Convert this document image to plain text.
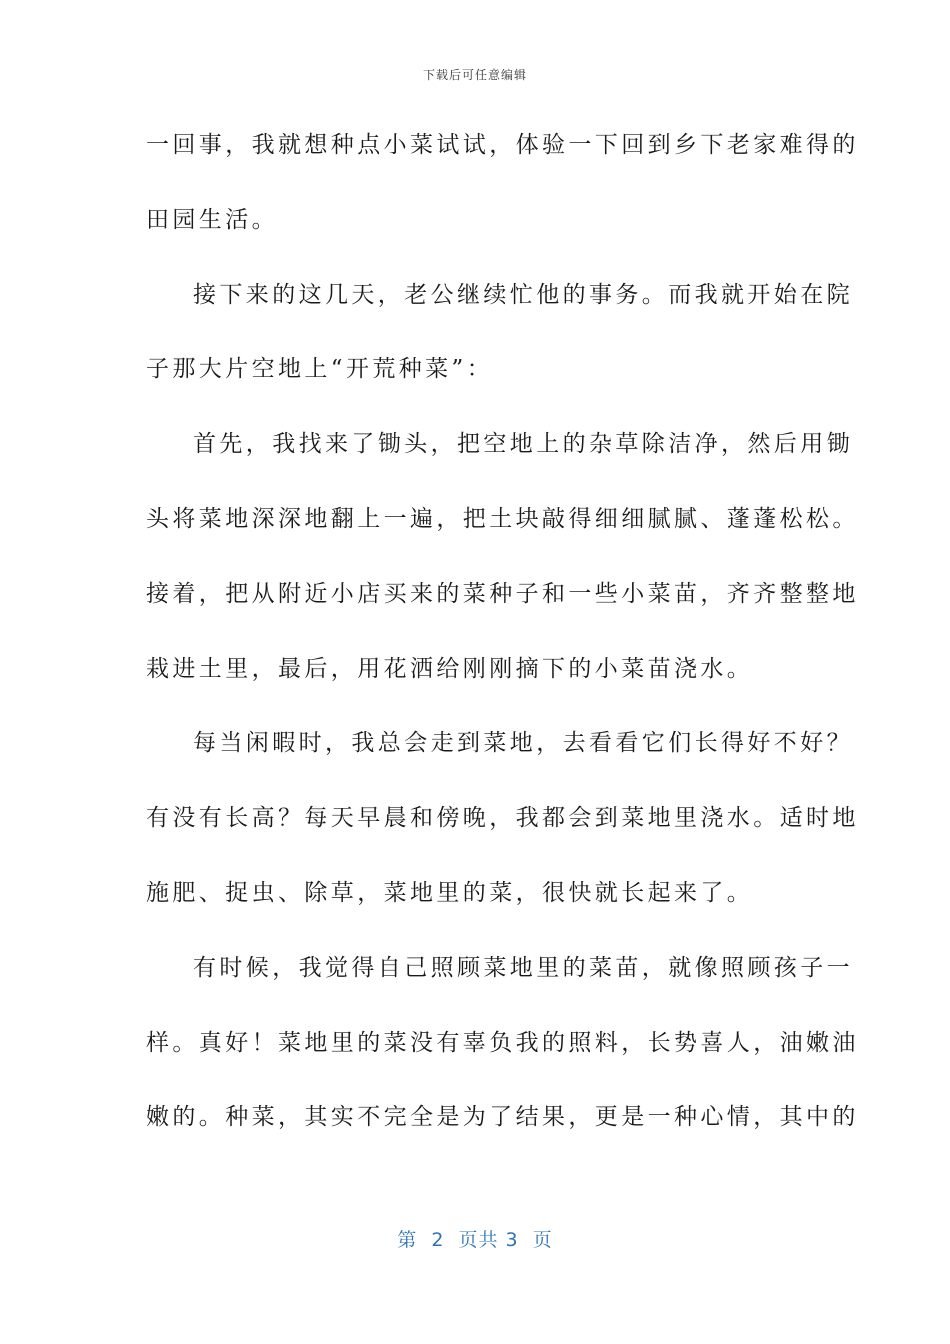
下载后可任意编辑
一回事，我就想种点小菜试试，体验一下回到乡下老家难得的
田园生活。
接下来的这几天，老公继续忙他的事务。而我就开始在院
子那大片空地上“开荒种菜”：
首先，我找来了锄头，把空地上的杂草除洁净，然后用锄
头将菜地深深地翻上一遍，把土块敲得细细腻腻、蓬蓬松松。
接着，把从附近小店买来的菜种子和一些小菜苗，齐齐整整地
栽进土里，最后，用花洒给刚刚摘下的小菜苗浇水。
每当闲暇时，我总会走到菜地，去看看它们长得好不好？
有没有长高？每天早晨和傍晚，我都会到菜地里浇水。适时地
施肥、捉虫、除草，菜地里的菜，很快就长起来了。
有时候，我觉得自己照顾菜地里的菜苗，就像照顾孩子一
样。真好！菜地里的菜没有辜负我的照料，长势喜人，油嫩油
嫩的。种菜，其实不完全是为了结果，更是一种心情，其中的
第  2  页共 3  页
